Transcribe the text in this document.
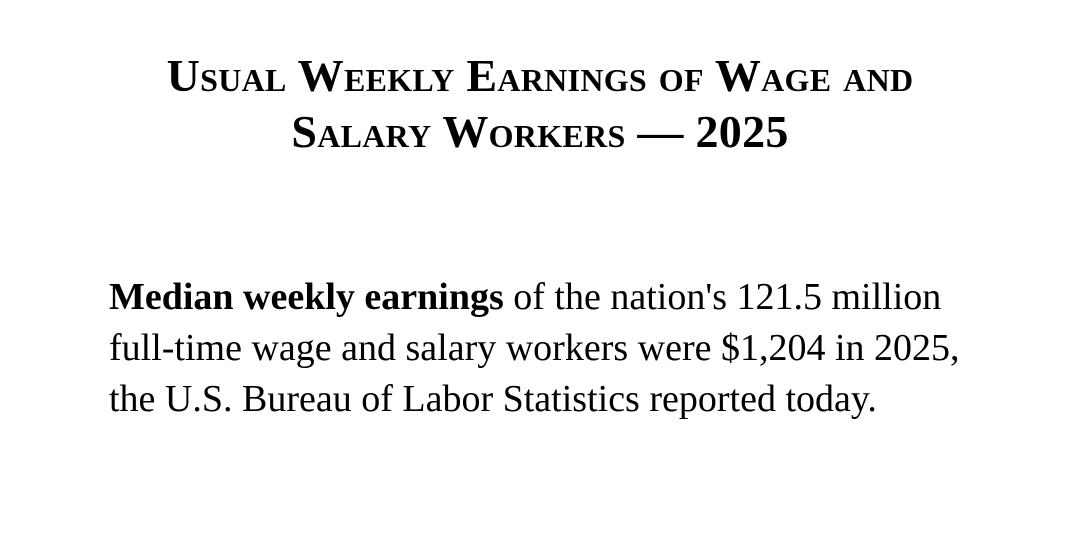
Usual Weekly Earnings of Wage and
Salary Workers — 2025

Median weekly earnings of the nation's 121.5 million full-time wage and salary workers were $1,204 in 2025, the U.S. Bureau of Labor Statistics reported today.
